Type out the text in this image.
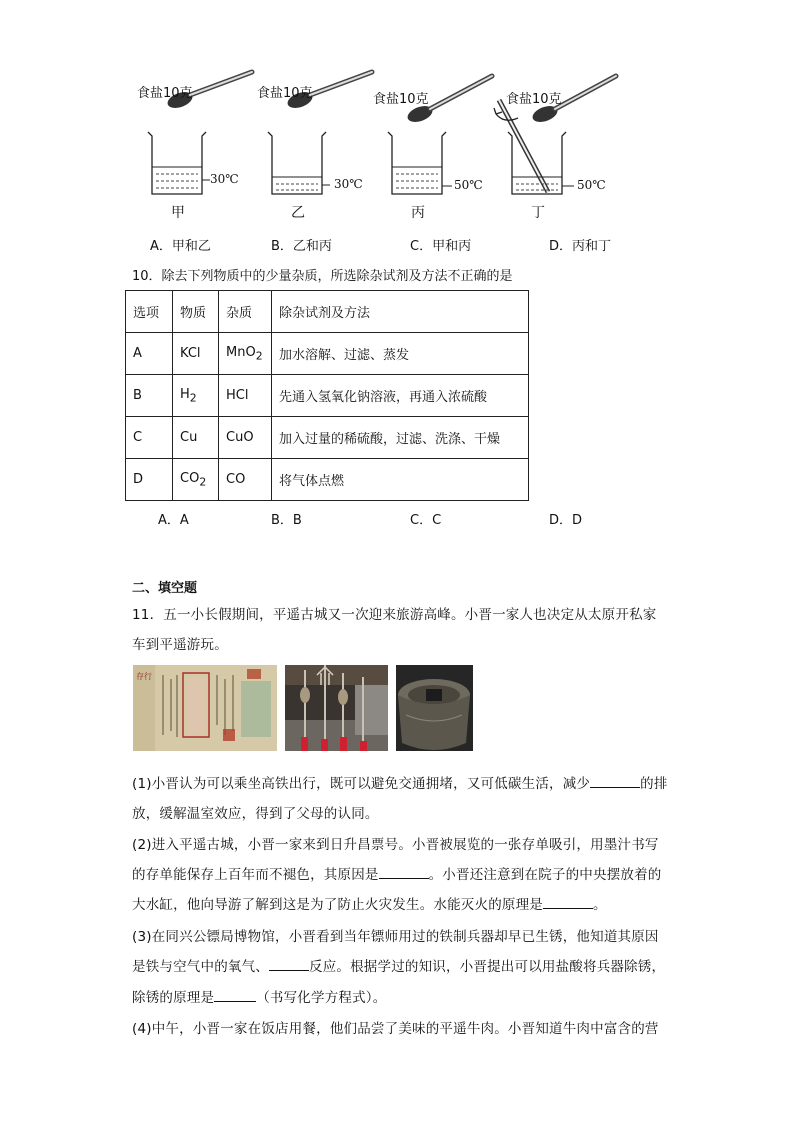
食盐10克
30℃
甲
食盐10克
30℃
乙
食盐10克
50℃
丙
食盐10克
50℃
丁
A．甲和乙	B．乙和丙	C．甲和丙	D．丙和丁
10．除去下列物质中的少量杂质，所选除杂试剂及方法不正确的是
选项	物质	杂质	除杂试剂及方法
A	KCl	MnO$_2$	加水溶解、过滤、蒸发
B	$H_2$	HCl	先通入氢氧化钠溶液，再通入浓硫酸
C	Cu	CuO	加入过量的稀硫酸，过滤、洗涤、干燥
D	$CO_2$	CO	将气体点燃
A．A	B．B	C．C	D．D
二、填空题
11．五一小长假期间，平遥古城又一次迎来旅游高峰。小晋一家人也决定从太原开私家
车到平遥游玩。
存行
(1)小晋认为可以乘坐高铁出行，既可以避免交通拥堵，又可低碳生活，减少	的排
放，缓解温室效应，得到了父母的认同。
(2)进入平遥古城，小晋一家来到日升昌票号。小晋被展览的一张存单吸引，用墨汁书写
的存单能保存上百年而不褪色，其原因是	。小晋还注意到在院子的中央摆放着的
大水缸，他向导游了解到这是为了防止火灾发生。水能灭火的原理是	。
(3)在同兴公镖局博物馆，小晋看到当年镖师用过的铁制兵器却早已生锈，他知道其原因
是铁与空气中的氧气、	反应。根据学过的知识，小晋提出可以用盐酸将兵器除锈，
除锈的原理是	（书写化学方程式）。
(4)中午，小晋一家在饭店用餐，他们品尝了美味的平遥牛肉。小晋知道牛肉中富含的营
